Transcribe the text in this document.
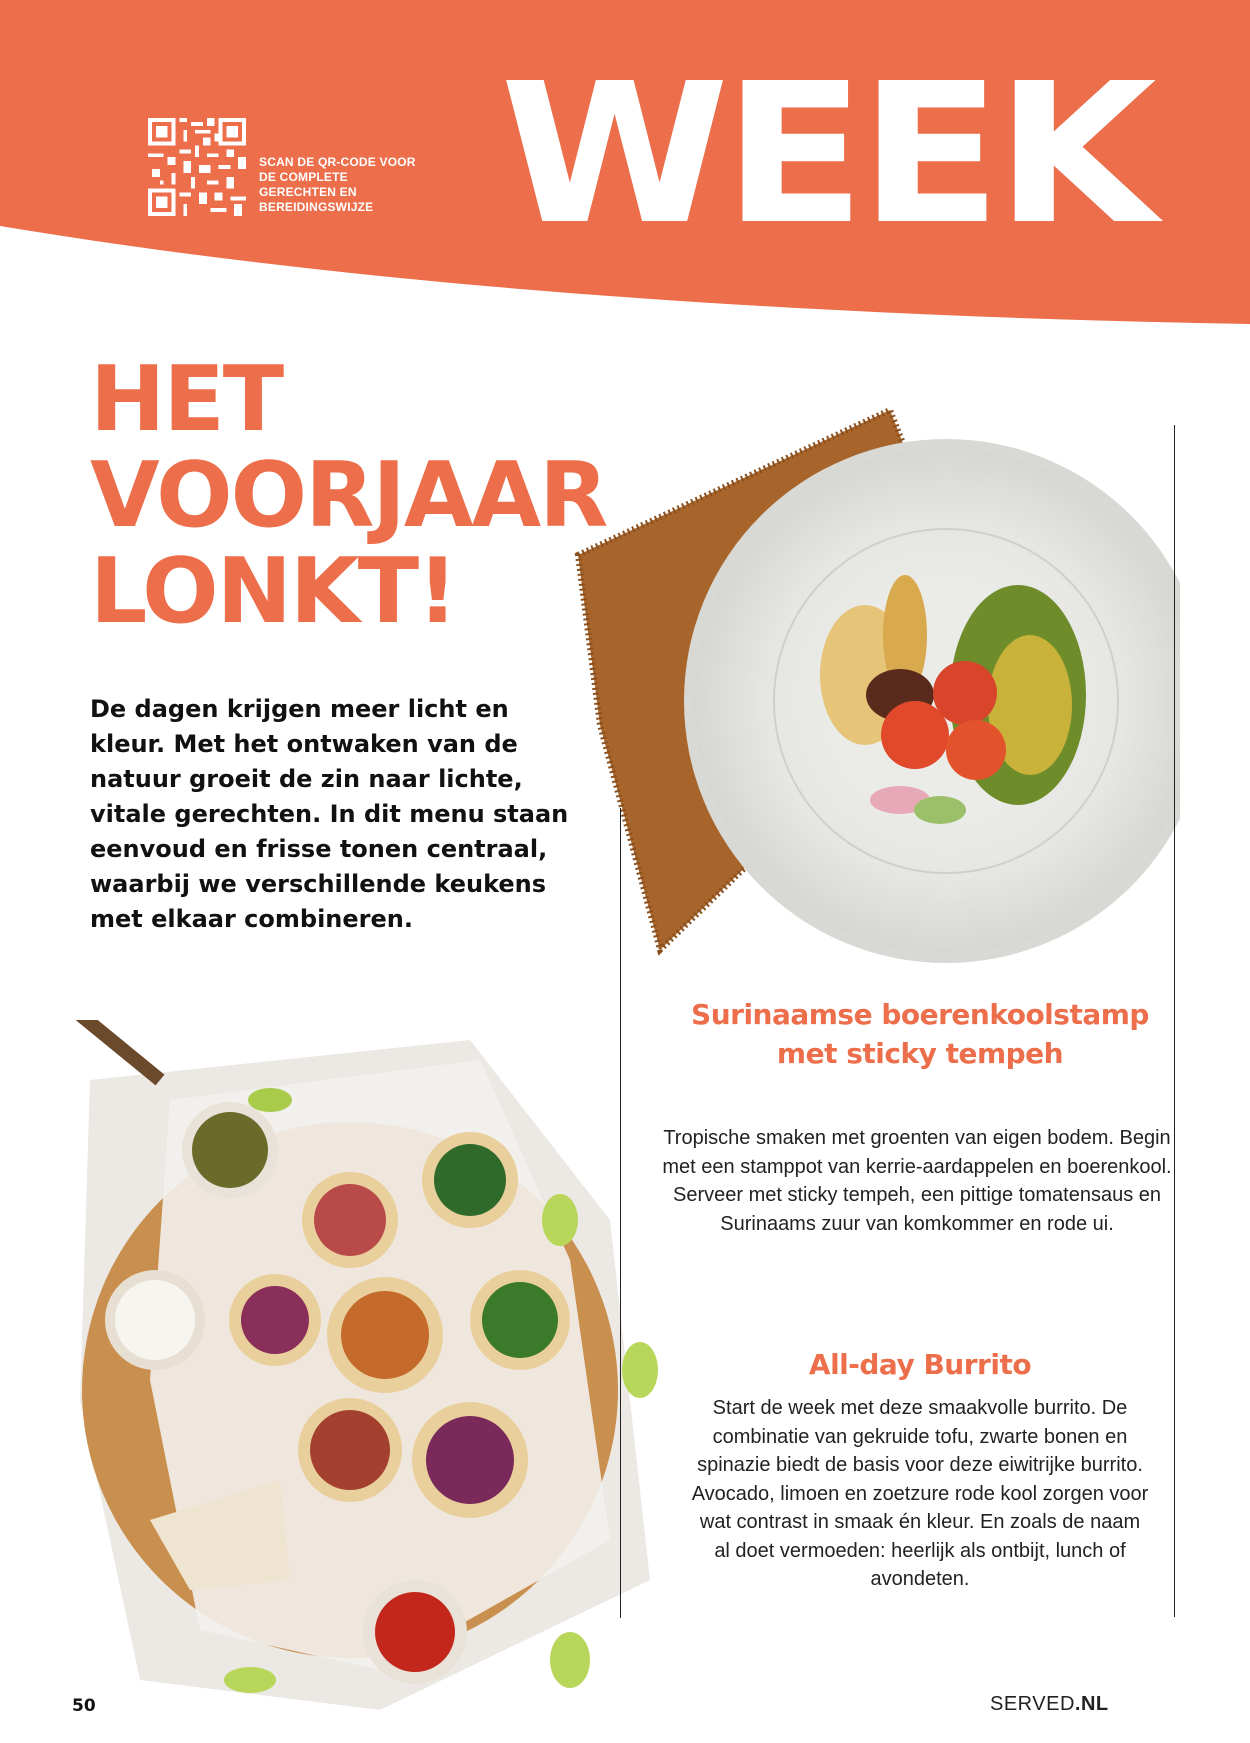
SCAN DE QR-CODE VOOR DE COMPLETE GERECHTEN EN BEREIDINGSWIJZE WEEK
HET
VOORJAAR
LONKT!

De dagen krijgen meer licht en kleur. Met het ontwaken van de natuur groeit de zin naar lichte, vitale gerechten. In dit menu staan eenvoud en frisse tonen centraal, waarbij we verschillende keukens met elkaar combineren.

Surinaamse boerenkoolstamp met sticky tempeh

Tropische smaken met groenten van eigen bodem. Begin met een stamppot van kerrie-aardappelen en boerenkool. Serveer met sticky tempeh, een pittige tomatensaus en Surinaams zuur van komkommer en rode ui.

All-day Burrito

Start de week met deze smaakvolle burrito. De combinatie van gekruide tofu, zwarte bonen en spinazie biedt de basis voor deze eiwitrijke burrito. Avocado, limoen en zoetzure rode kool zorgen voor wat contrast in smaak én kleur. En zoals de naam al doet vermoeden: heerlijk als ontbijt, lunch of avondeten.

50	SERVED.NL
